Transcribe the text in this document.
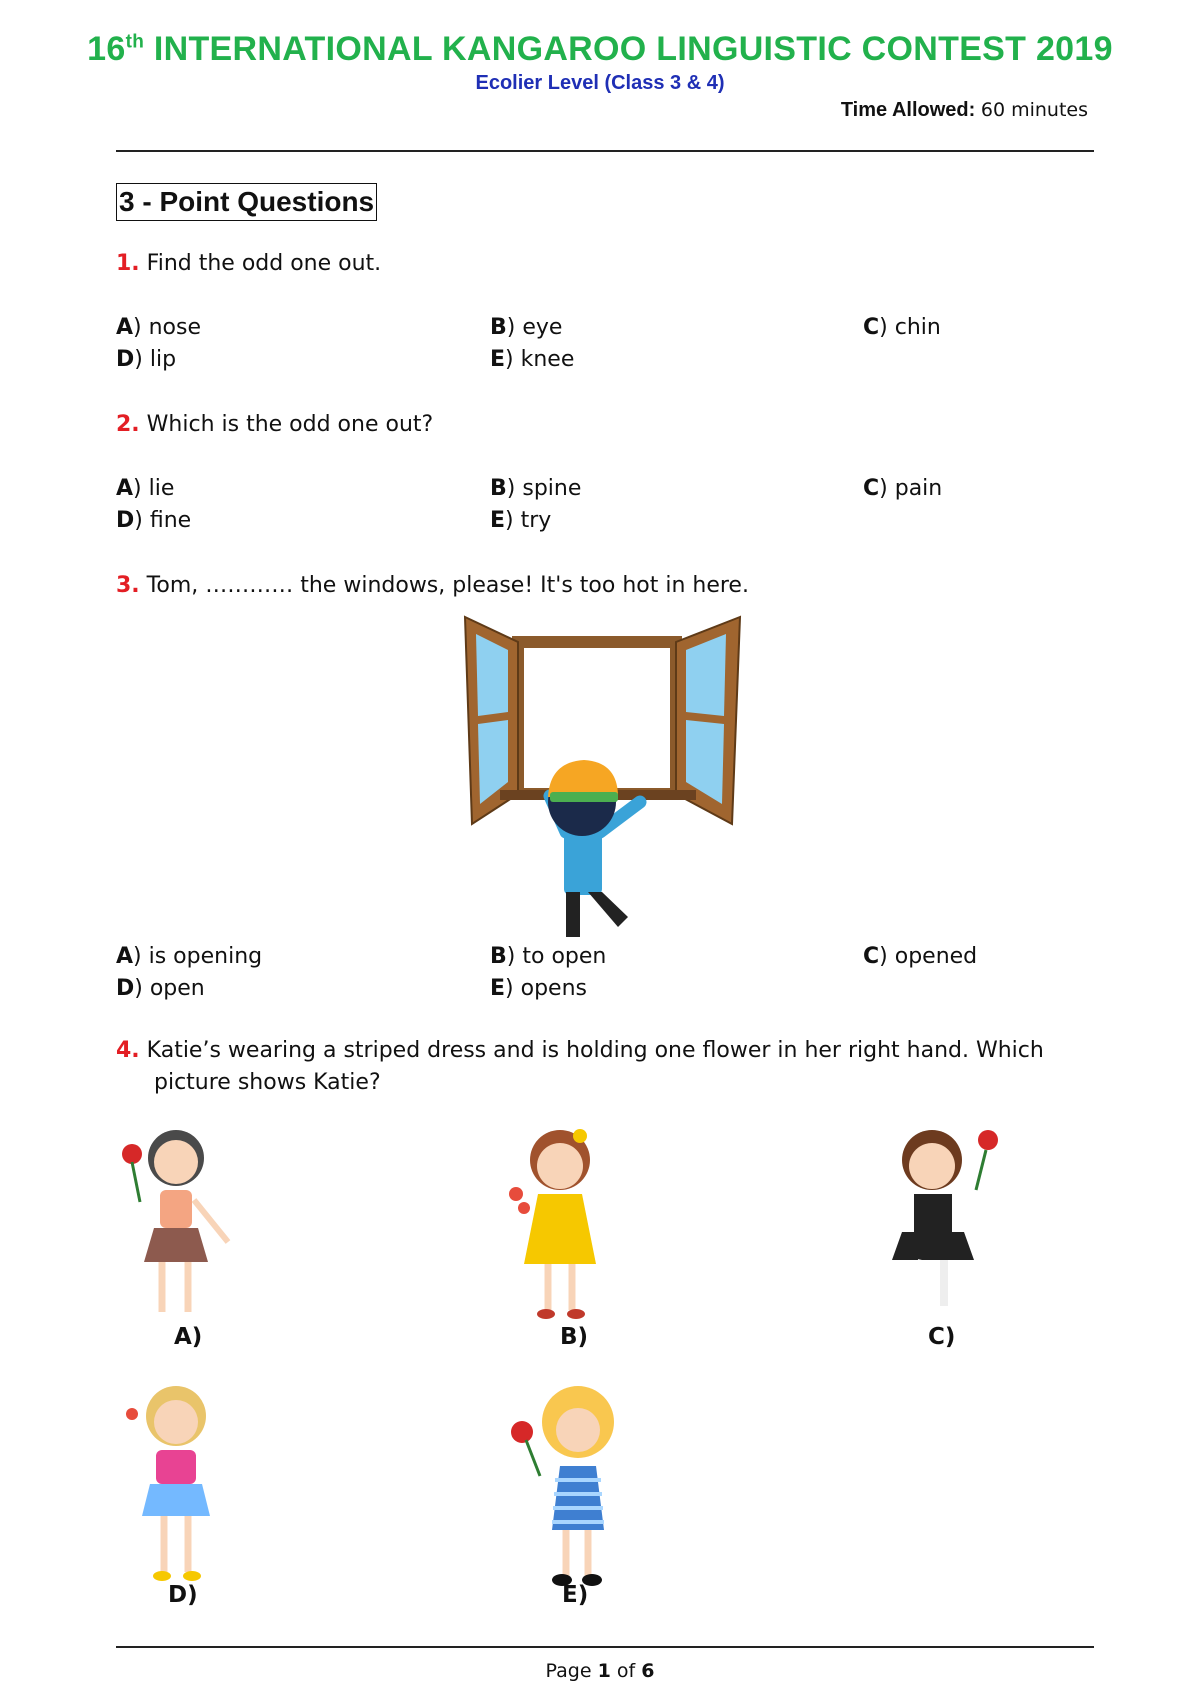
16th INTERNATIONAL KANGAROO LINGUISTIC CONTEST 2019
Ecolier Level (Class 3 & 4)
Time Allowed: 60 minutes
3 - Point Questions
1. Find the odd one out.
A) nose	B) eye	C) chin
D) lip	E) knee
2. Which is the odd one out?
A) lie	B) spine	C) pain
D) fine	E) try
3. Tom, ………… the windows, please! It's too hot in here.
A) is opening	B) to open	C) opened
D) open	E) opens
4. Katie’s wearing a striped dress and is holding one flower in her right hand. Which
picture shows Katie?
A)	B)	C)
D)	E)
Page 1 of 6
